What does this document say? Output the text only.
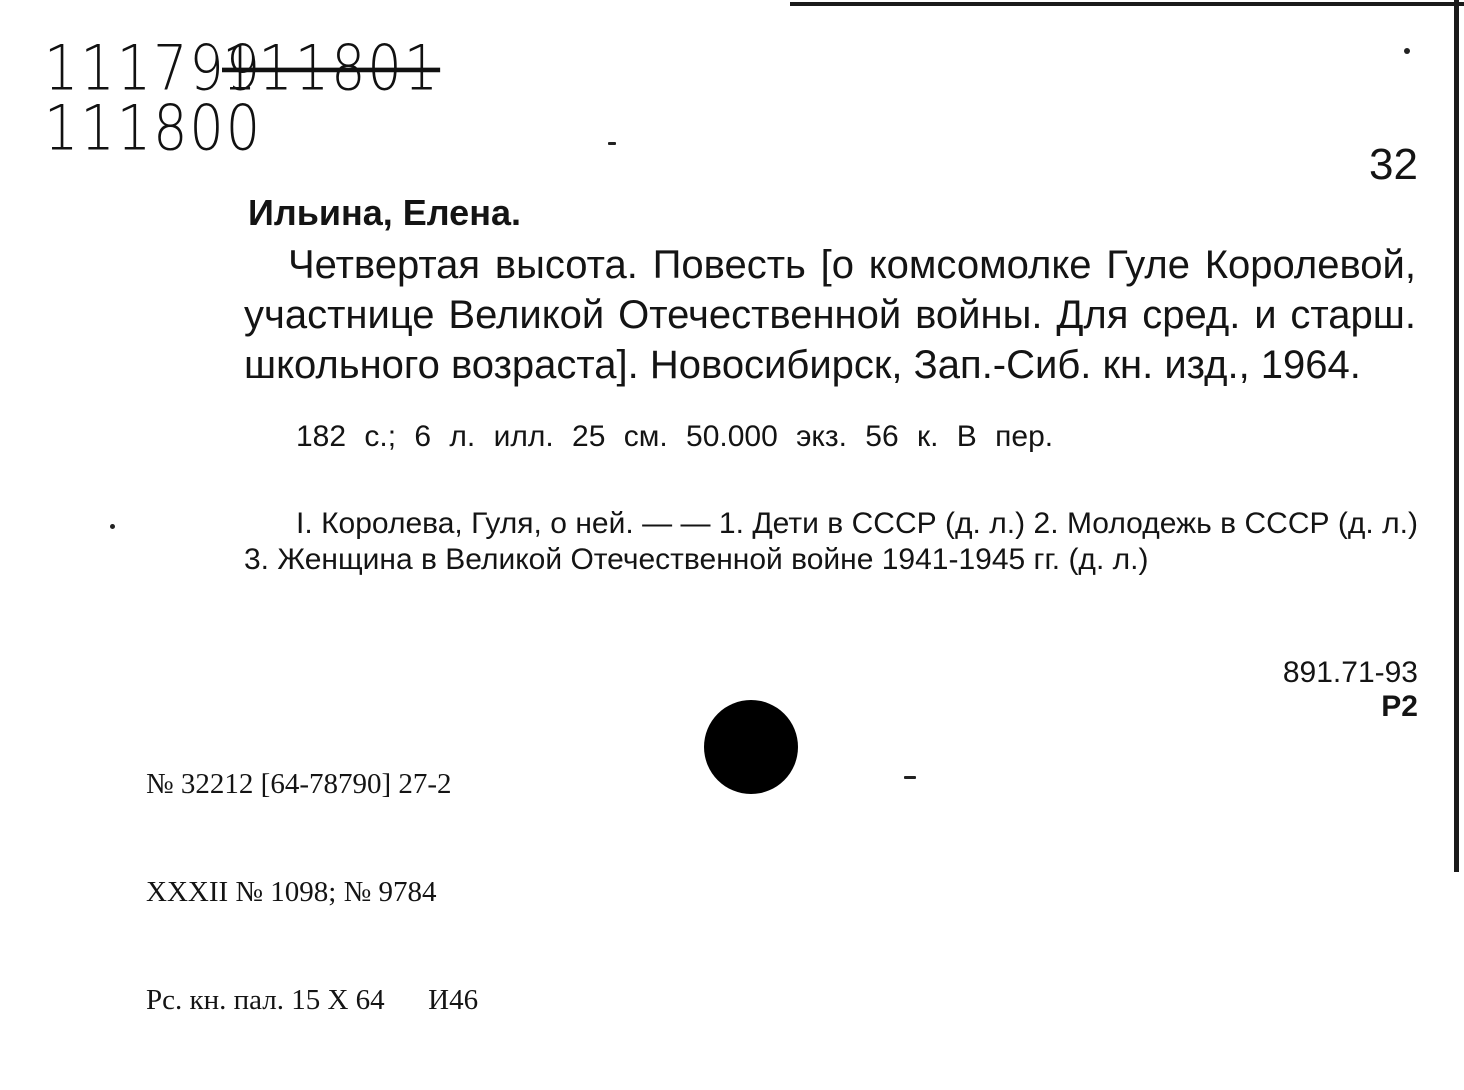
111799
111801
111800
32
Ильина, Елена.

Четвертая высота. Повесть [о комсомолке Гуле Королевой, участнице Великой Отечественной войны. Для сред. и старш. школьного возраста]. Новосибирск, Зап.-Сиб. кн. изд., 1964.

182 с.; 6 л. илл. 25 см. 50.000 экз. 56 к. В пер.

I. Королева, Гуля, о ней. — — 1. Дети в СССР (д. л.) 2. Молодежь в СССР (д. л.) 3. Женщина в Великой Отечественной войне 1941-1945 гг. (д. л.)

891.71-93
Р2

№ 32212 [64-78790] 27-2

XXXII № 1098; № 9784

Рс. кн. пал. 15 X 64      И46
